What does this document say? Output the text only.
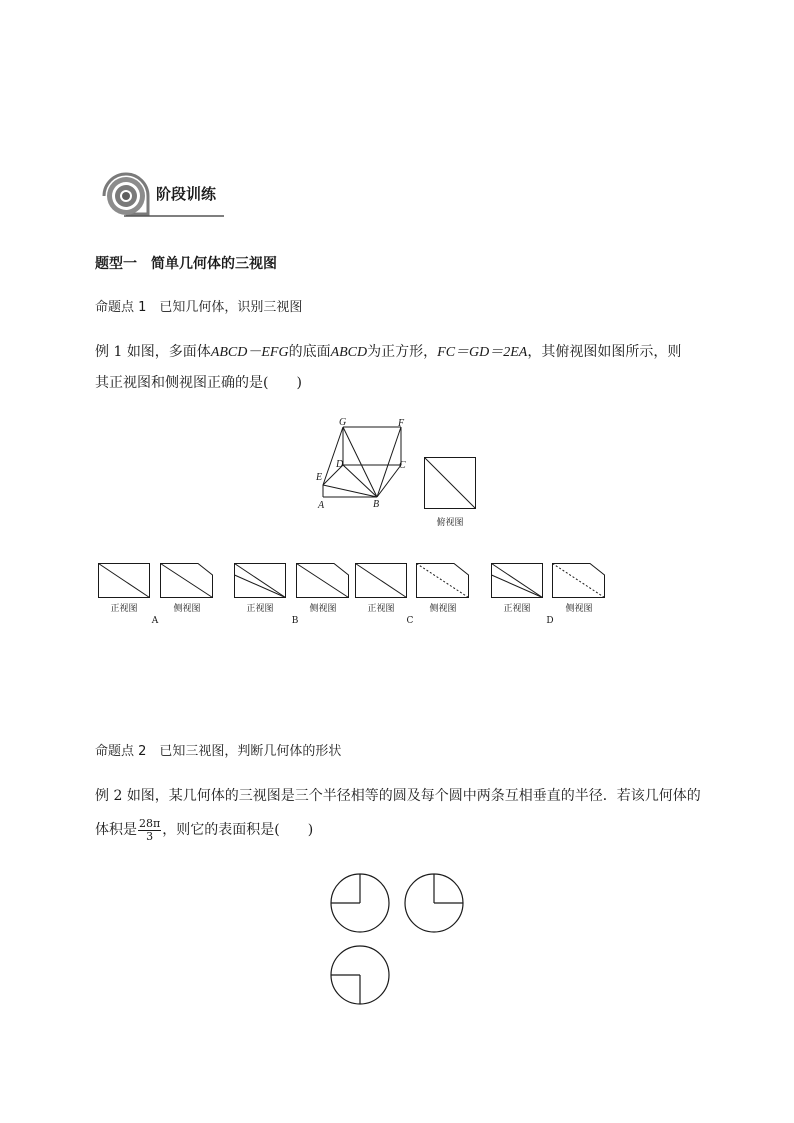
阶段训练
题型一　简单几何体的三视图
命题点 1　已知几何体，识别三视图
例 1 如图，多面体ABCD－EFG的底面ABCD为正方形，FC＝GD＝2EA，其俯视图如图所示，则
其正视图和侧视图正确的是(　　)
G	F
D	C
E
A	B
俯视图
正视图	侧视图
A
正视图	侧视图
B
正视图	侧视图
C
正视图	侧视图
D
命题点 2　已知三视图，判断几何体的形状
例 2 如图，某几何体的三视图是三个半径相等的圆及每个圆中两条互相垂直的半径．若该几何体的
体积是 $\frac{28\pi}{3}$ ，则它的表面积是(　　)
